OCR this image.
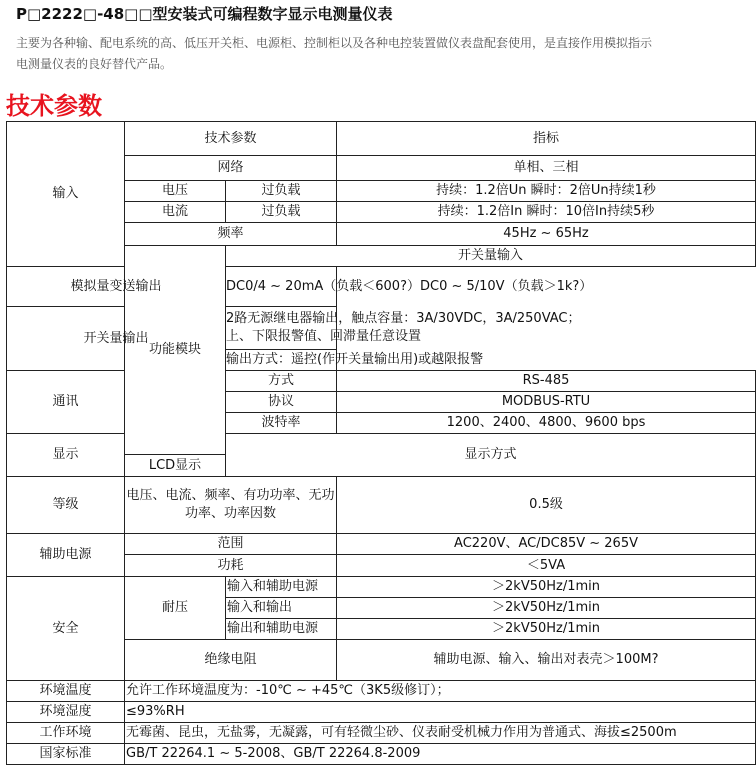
P□2222□-48□□型安装式可编程数字显示电测量仪表
主要为各种输、配电系统的高、低压开关柜、电源柜、控制柜以及各种电控装置做仪表盘配套使用，是直接作用模拟指示电测量仪表的良好替代产品。
技术参数
输入	技术参数		指标	
	网络		单相、三相	
	电压	过负载	持续：1.2倍Un 瞬时：2倍Un持续1秒	
	电流	过负载	持续：1.2倍In 瞬时：10倍In持续5秒	
	频率		45Hz ~ 65Hz	
	功能模块	开关量输入	
模拟量变送输出		DC0/4 ~ 20mA（负载＜600?）DC0 ~ 5/10V（负载＞1k?）		
开关量输出		2路无源继电器输出，触点容量：3A/30VDC，3A/250VAC；
上、下限报警值、回滞量任意设置		

		输出方式：遥控(作开关量输出用)或越限报警		
通讯		方式	RS-485	
		协议	MODBUS-RTU	
		波特率	1200、2400、4800、9600 bps	
显示		显示方式	
	LCD显示			
等级	电压、电流、频率、有功功率、无功功率、功率因数		0.5级	
辅助电源	范围		AC220V、AC/DC85V ~ 265V	
	功耗		＜5VA	
安全	耐压	输入和辅助电源	＞2kV50Hz/1min	
		输入和输出	＞2kV50Hz/1min	
		输出和辅助电源	＞2kV50Hz/1min	
	绝缘电阻		辅助电源、输入、输出对表壳＞100M?	
环境温度	允许工作环境温度为：-10℃ ~ +45℃（3K5级修订）；			
环境湿度	≤93%RH			
工作环境	无霉菌、昆虫，无盐雾，无凝露，可有轻微尘砂、仪表耐受机械力作用为普通式、海拔≤2500m			
国家标准	GB/T 22264.1 ~ 5-2008、GB/T 22264.8-2009			
